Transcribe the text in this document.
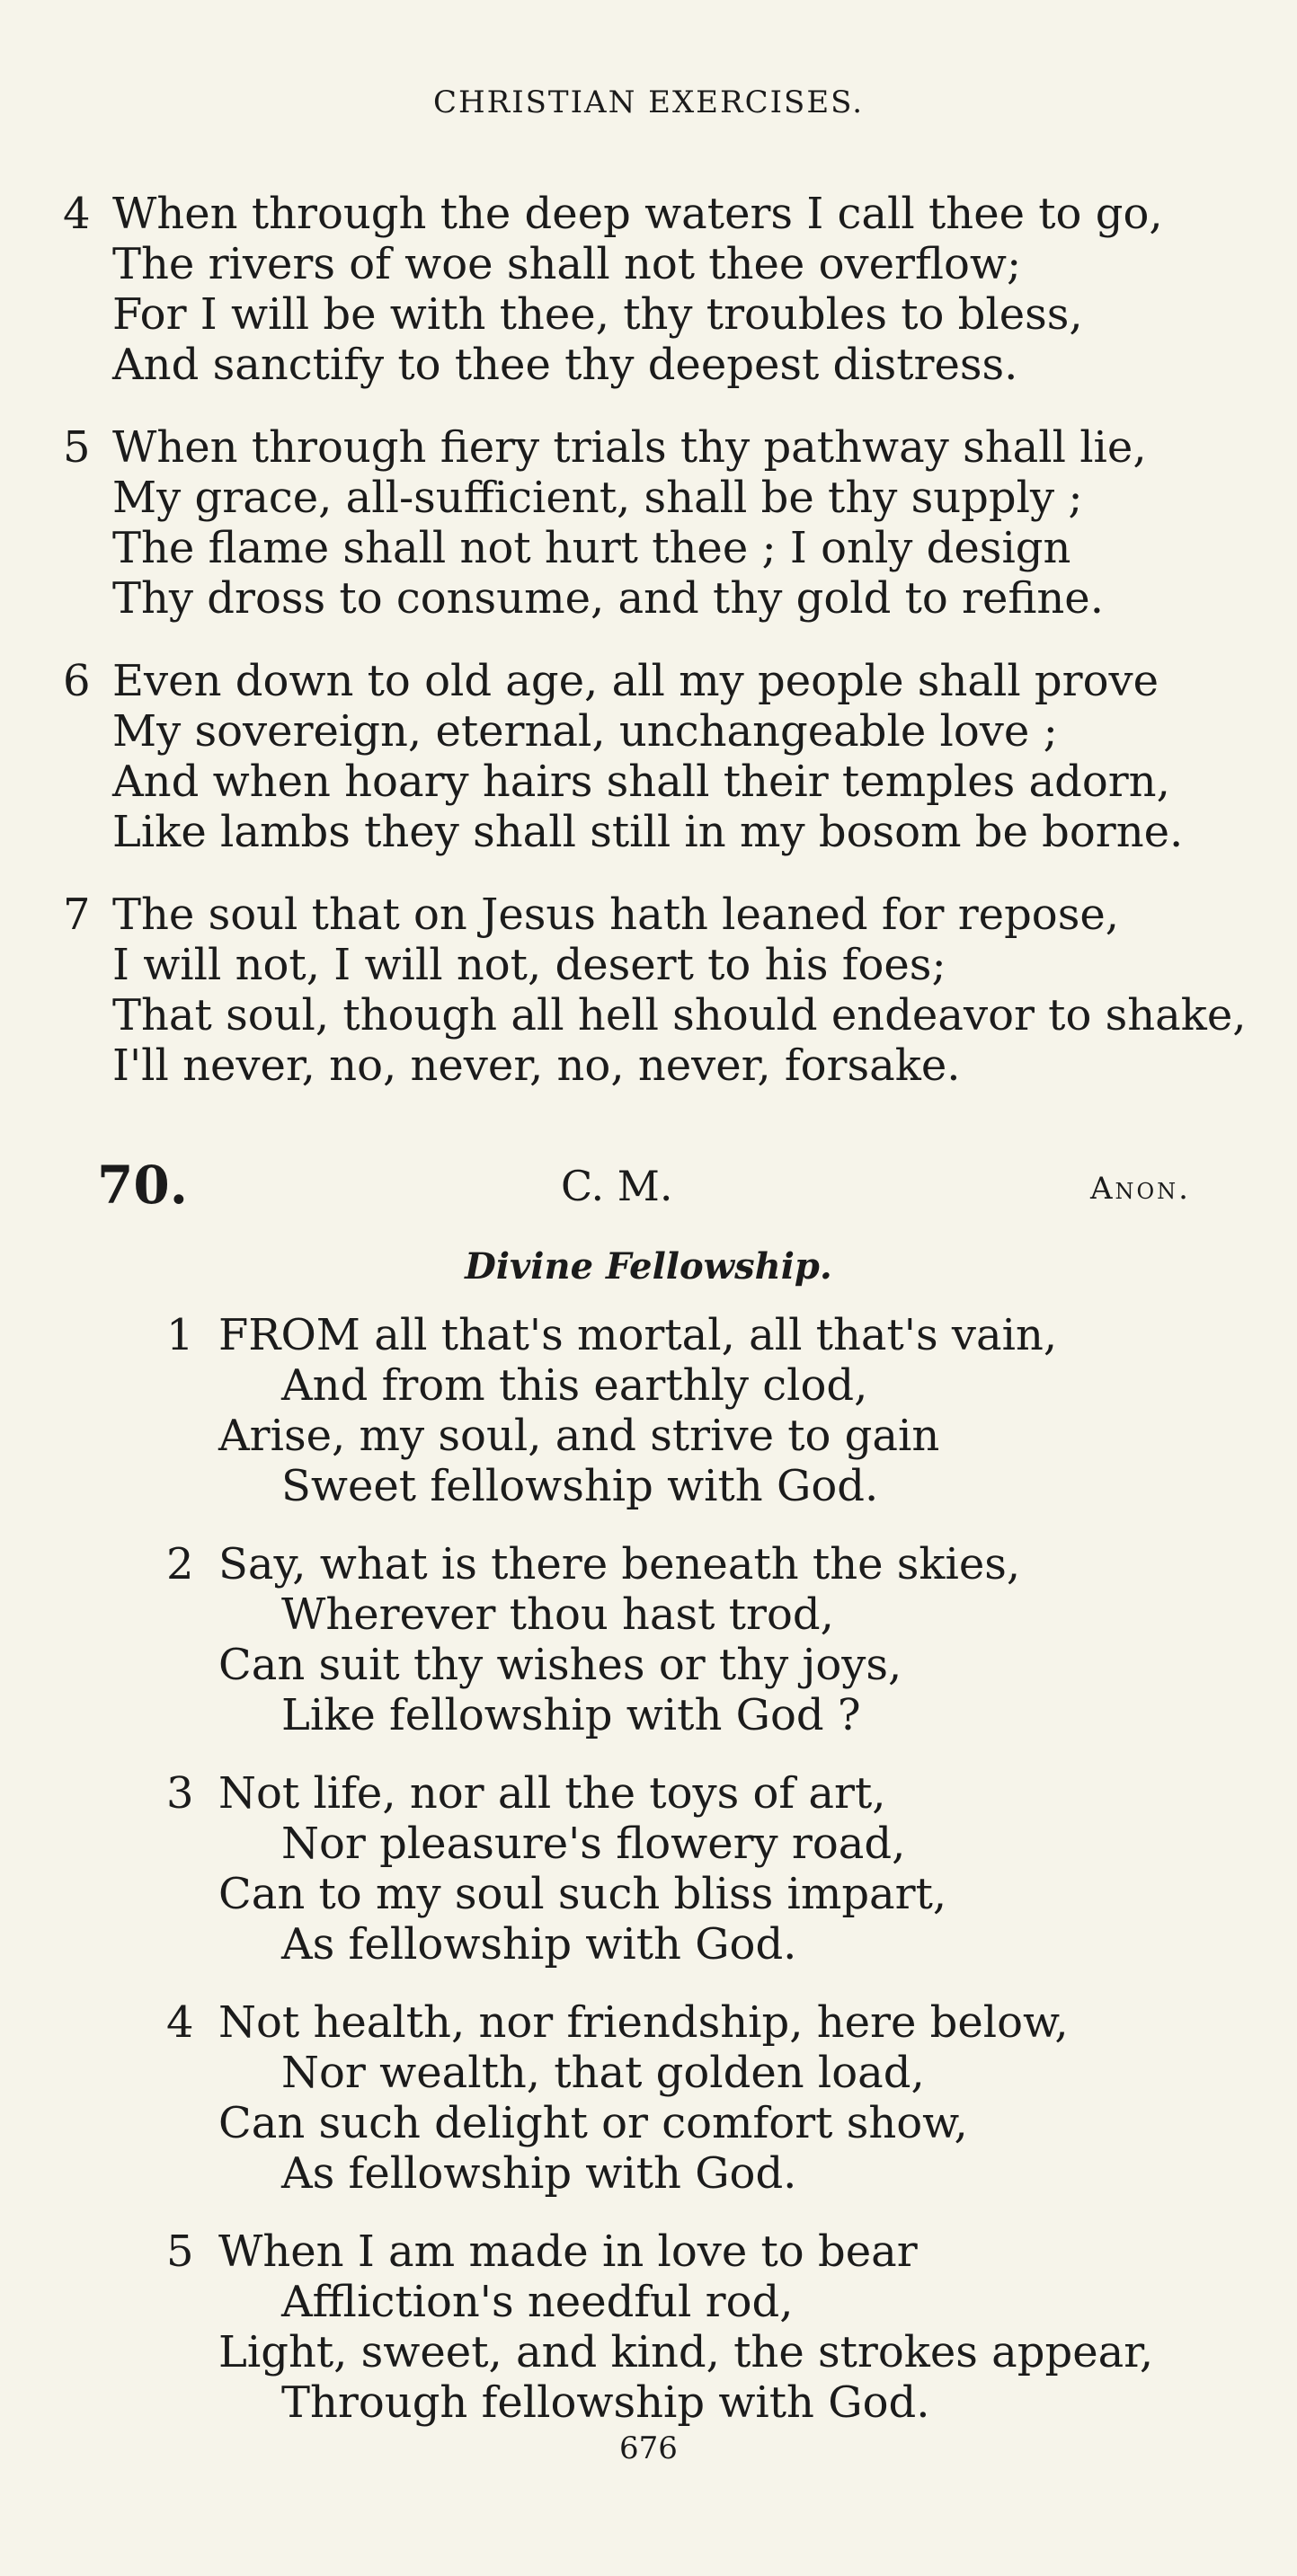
CHRISTIAN EXERCISES.
4 When through the deep waters I call thee to go,
The rivers of woe shall not thee overflow;
For I will be with thee, thy troubles to bless,
And sanctify to thee thy deepest distress.
5 When through fiery trials thy pathway shall lie,
My grace, all-sufficient, shall be thy supply ;
The flame shall not hurt thee ; I only design
Thy dross to consume, and thy gold to refine.
6 Even down to old age, all my people shall prove
My sovereign, eternal, unchangeable love ;
And when hoary hairs shall their temples adorn,
Like lambs they shall still in my bosom be borne.
7 The soul that on Jesus hath leaned for repose,
I will not, I will not, desert to his foes;
That soul, though all hell should endeavor to shake,
I'll never, no, never, no, never, forsake.
70.	C. M.	Anon.
Divine Fellowship.
1 FROM all that's mortal, all that's vain,
And from this earthly clod,
Arise, my soul, and strive to gain
Sweet fellowship with God.
2 Say, what is there beneath the skies,
Wherever thou hast trod,
Can suit thy wishes or thy joys,
Like fellowship with God ?
3 Not life, nor all the toys of art,
Nor pleasure's flowery road,
Can to my soul such bliss impart,
As fellowship with God.
4 Not health, nor friendship, here below,
Nor wealth, that golden load,
Can such delight or comfort show,
As fellowship with God.
5 When I am made in love to bear
Affliction's needful rod,
Light, sweet, and kind, the strokes appear,
Through fellowship with God.
676
